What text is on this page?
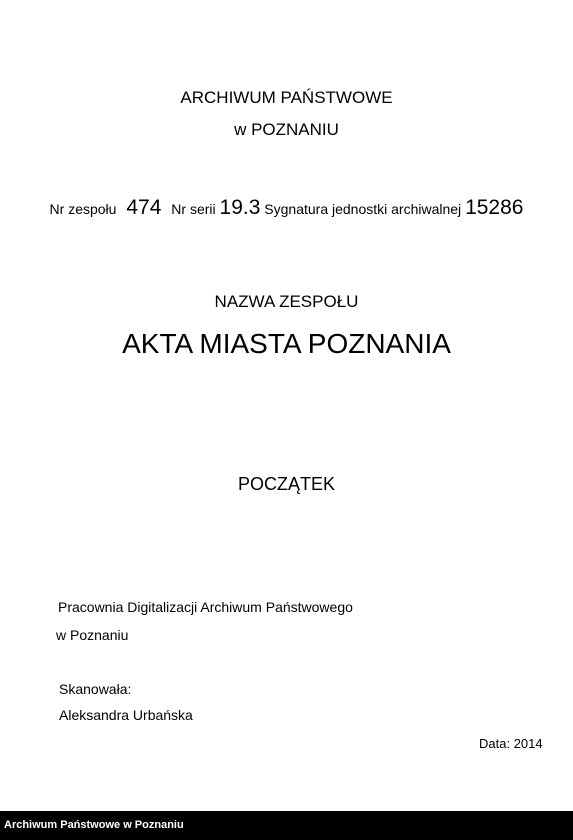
ARCHIWUM PAŃSTWOWE
w POZNANIU
Nr zespołu 474 Nr serii 19.3 Sygnatura jednostki archiwalnej 15286
NAZWA ZESPOŁU
AKTA MIASTA POZNANIA
POCZĄTEK
Pracownia Digitalizacji Archiwum Państwowego
w Poznaniu
Skanowała:
Aleksandra Urbańska
Data: 2014
Archiwum Państwowe w Poznaniu
